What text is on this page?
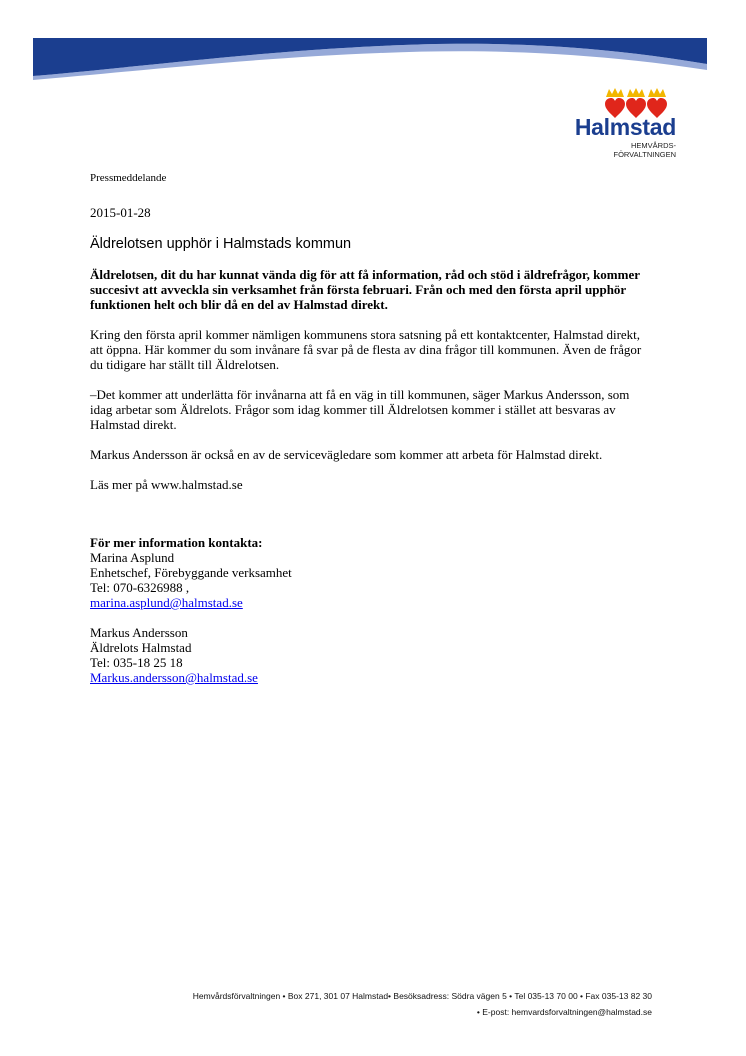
Halmstad
HEMVÅRDS-
FÖRVALTNINGEN

Pressmeddelande

2015-01-28

Äldrelotsen upphör i Halmstads kommun

Äldrelotsen, dit du har kunnat vända dig för att få information, råd och stöd i äldrefrågor, kommer succesivt att avveckla sin verksamhet från första februari. Från och med den första april upphör funktionen helt och blir då en del av Halmstad direkt.

Kring den första april kommer nämligen kommunens stora satsning på ett kontaktcenter, Halmstad direkt, att öppna. Här kommer du som invånare få svar på de flesta av dina frågor till kommunen. Även de frågor du tidigare har ställt till Äldrelotsen.

–Det kommer att underlätta för invånarna att få en väg in till kommunen, säger Markus Andersson, som idag arbetar som Äldrelots. Frågor som idag kommer till Äldrelotsen kommer i stället att besvaras av Halmstad direkt.

Markus Andersson är också en av de servicevägledare som kommer att arbeta för Halmstad direkt.

Läs mer på www.halmstad.se

För mer information kontakta:

Marina Asplund
Enhetschef, Förebyggande verksamhet
Tel: 070-6326988 ,
marina.asplund@halmstad.se
Markus Andersson
Äldrelots Halmstad
Tel: 035-18 25 18
Markus.andersson@halmstad.se
Hemvårdsförvaltningen • Box 271, 301 07 Halmstad• Besöksadress: Södra vägen 5 • Tel 035-13 70 00 • Fax 035-13 82 30
• E-post: hemvardsforvaltningen@halmstad.se
